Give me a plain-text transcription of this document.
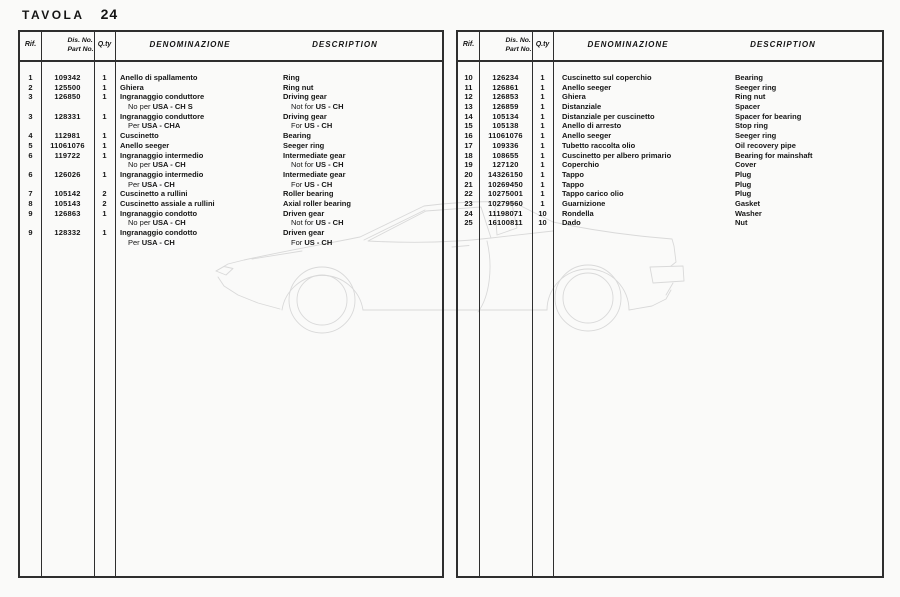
TAVOLA 24
Rif.
Dis. No.

Part No.
Q.ty	DENOMINAZIONE	DESCRIPTION
1	109342	1	Anello di spallamento	Ring
2	125500	1	Ghiera	Ring nut
3	126850	1	Ingranaggio conduttore	Driving gear
No per USA - CH S	Not for US - CH
3	128331	1	Ingranaggio conduttore	Driving gear
Per USA - CHA	For US - CH
4	112981	1	Cuscinetto	Bearing
5	11061076	1	Anello seeger	Seeger ring
6	119722	1	Ingranaggio intermedio	Intermediate gear
No per USA - CH	Not for US - CH
6	126026	1	Ingranaggio intermedio	Intermediate gear
Per USA - CH	For US - CH
7	105142	2	Cuscinetto a rullini	Roller bearing
8	105143	2	Cuscinetto assiale a rullini	Axial roller bearing
9	126863	1	Ingranaggio condotto	Driven gear
No per USA - CH	Not for US - CH
9	128332	1	Ingranaggio condotto	Driven gear
Per USA - CH	For US - CH
Rif.
Dis. No.

Part No.
Q.ty	DENOMINAZIONE	DESCRIPTION
10	126234	1	Cuscinetto sul coperchio	Bearing
11	126861	1	Anello seeger	Seeger ring
12	126853	1	Ghiera	Ring nut
13	126859	1	Distanziale	Spacer
14	105134	1	Distanziale per cuscinetto	Spacer for bearing
15	105138	1	Anello di arresto	Stop ring
16	11061076	1	Anello seeger	Seeger ring
17	109336	1	Tubetto raccolta olio	Oil recovery pipe
18	108655	1	Cuscinetto per albero primario	Bearing for mainshaft
19	127120	1	Coperchio	Cover
20	14326150	1	Tappo	Plug
21	10269450	1	Tappo	Plug
22	10275001	1	Tappo carico olio	Plug
23	10279560	1	Guarnizione	Gasket
24	11198071	10	Rondella	Washer
25	16100811	10	Dado	Nut
